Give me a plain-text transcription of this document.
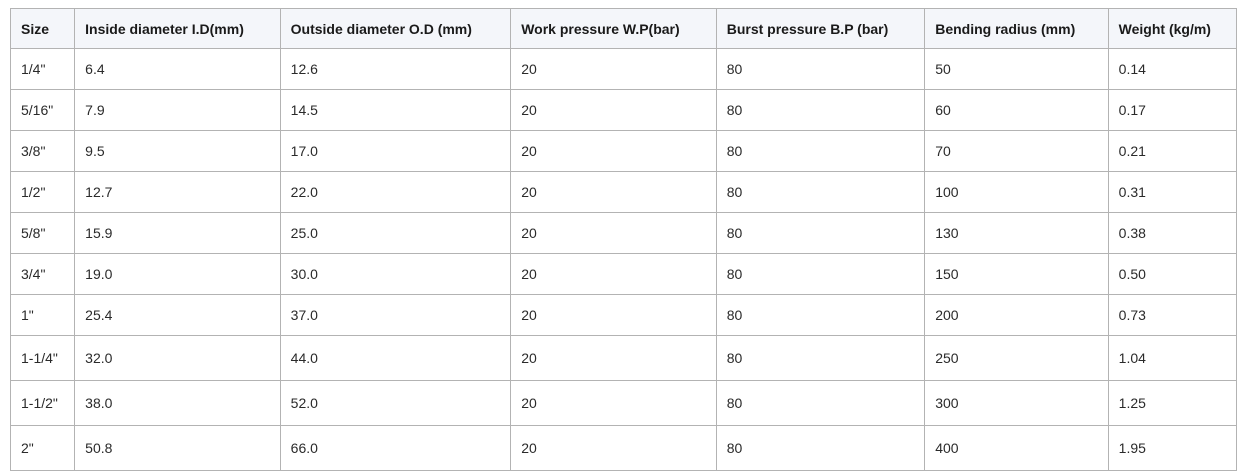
Size	Inside diameter I.D(mm)	Outside diameter O.D (mm)	Work pressure W.P(bar)	Burst pressure B.P (bar)	Bending radius (mm)	Weight (kg/m)
1/4"	6.4	12.6	20	80	50	0.14
5/16"	7.9	14.5	20	80	60	0.17
3/8"	9.5	17.0	20	80	70	0.21
1/2"	12.7	22.0	20	80	100	0.31
5/8"	15.9	25.0	20	80	130	0.38
3/4"	19.0	30.0	20	80	150	0.50
1"	25.4	37.0	20	80	200	0.73
1-1/4"	32.0	44.0	20	80	250	1.04
1-1/2"	38.0	52.0	20	80	300	1.25
2"	50.8	66.0	20	80	400	1.95
